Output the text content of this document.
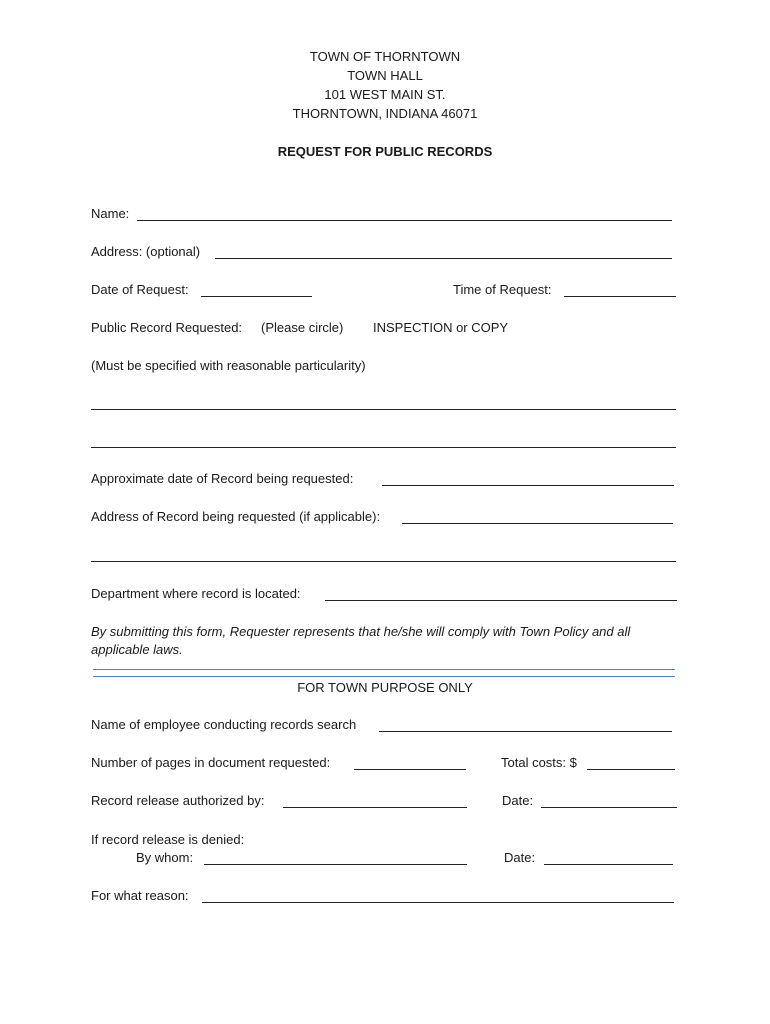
TOWN OF THORNTOWN
TOWN HALL
101 WEST MAIN ST.
THORNTOWN, INDIANA 46071
REQUEST FOR PUBLIC RECORDS
Name:
Address: (optional)
Date of Request:	Time of Request:
Public Record Requested: (Please circle) INSPECTION or COPY
(Must be specified with reasonable particularity)
Approximate date of Record being requested:
Address of Record being requested (if applicable):
Department where record is located:
By submitting this form, Requester represents that he/she will comply with Town Policy and all applicable laws.
FOR TOWN PURPOSE ONLY
Name of employee conducting records search
Number of pages in document requested:	Total costs: $
Record release authorized by:	Date:
If record release is denied:
By whom:	Date:
For what reason:
